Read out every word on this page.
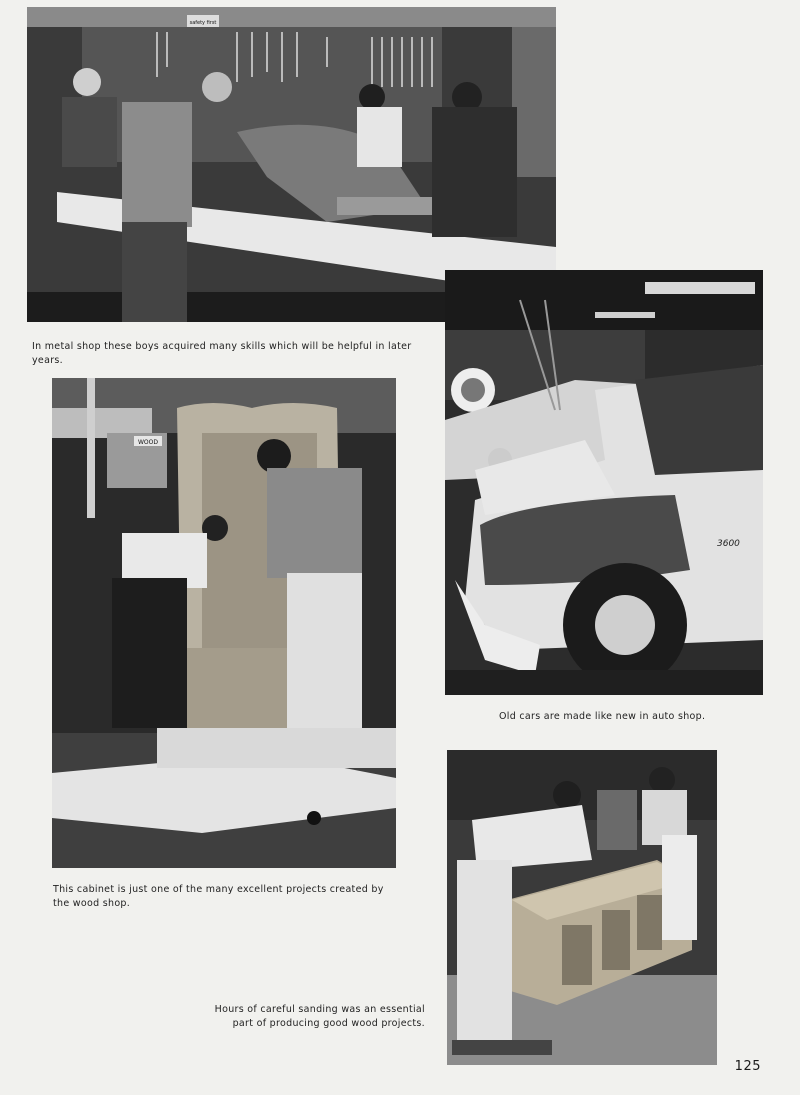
safety first
In metal shop these boys acquired many skills which will be helpful in later years.
3600
Old cars are made like new in auto shop.
WOOD
This cabinet is just one of the many excellent projects created by the wood shop.
Hours of careful sanding was an essential part of producing good wood projects.
125
